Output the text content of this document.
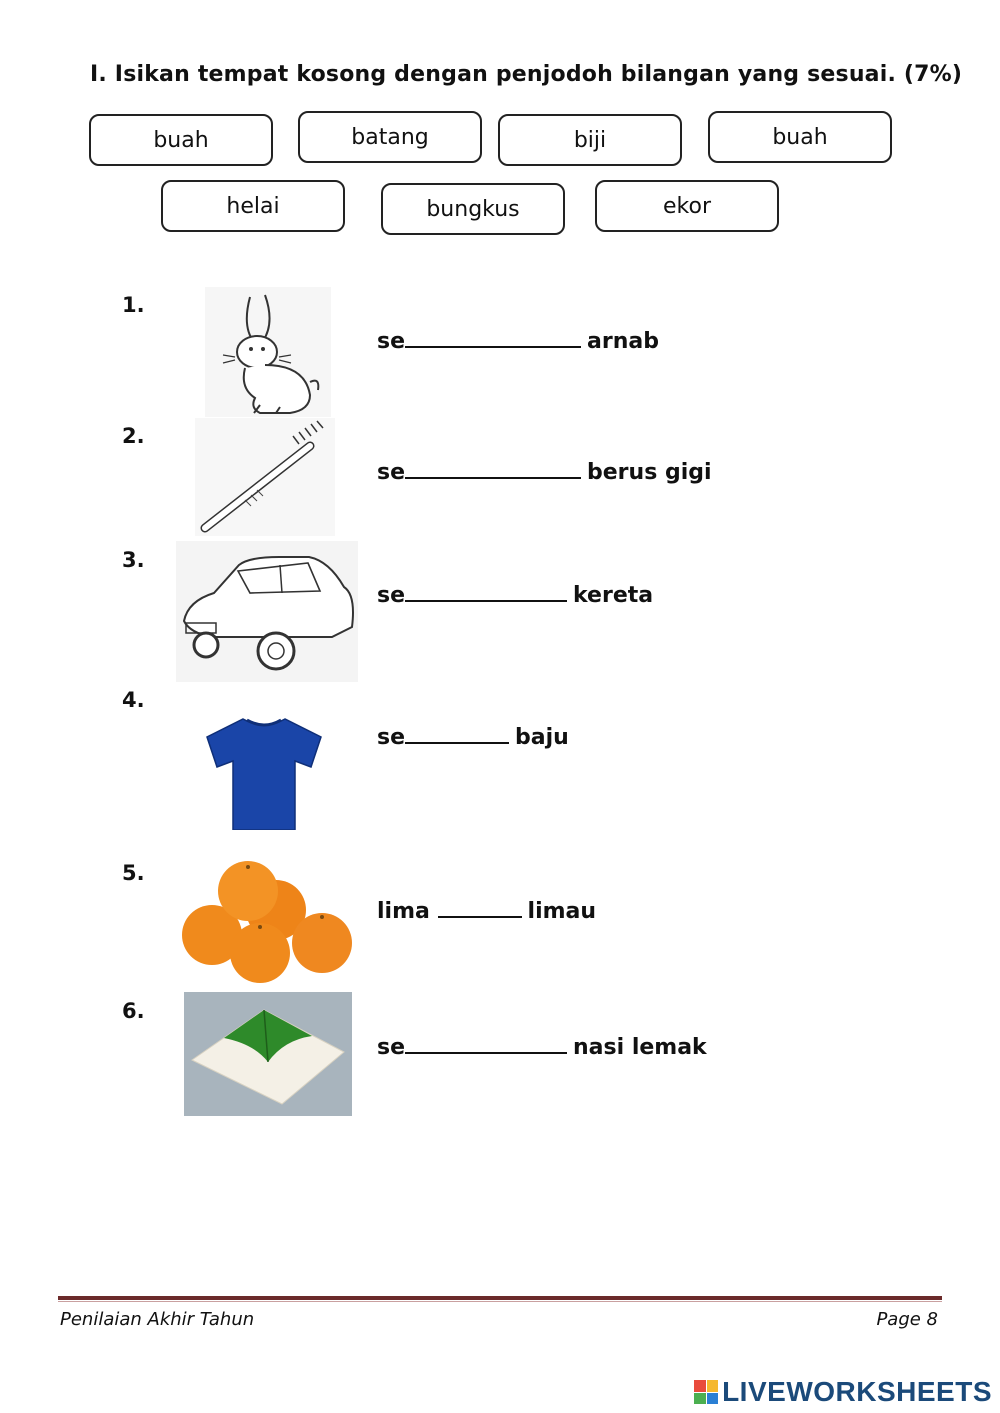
I. Isikan tempat kosong dengan penjodoh bilangan yang sesuai. (7%)
buah	batang	biji	buah
helai	bungkus	ekor
1.
se	arnab
2.
se	berus gigi
3.
se	kereta
4.
se	baju
5.
lima	limau
6.
se	nasi lemak
Penilaian Akhir Tahun	Page 8
LIVEWORKSHEETS
